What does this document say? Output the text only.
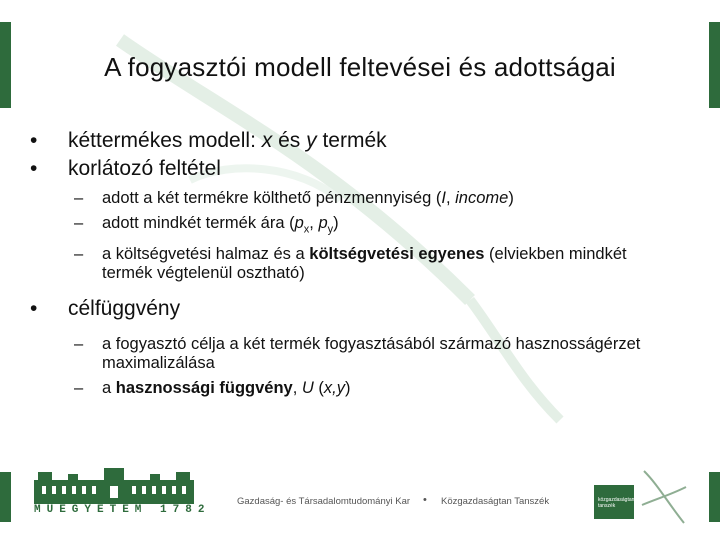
A fogyasztói modell feltevései és adottságai

• kéttermékes modell: x és y termék

• korlátozó feltétel

– adott a két termékre költhető pénzmennyiség (I, income)

– adott mindkét termék ára ($p_x$, $p_y$)

– a költségvetési halmaz és a költségvetési egyenes (elviekben mindkét termék végtelenül osztható)

• célfüggvény

– a fogyasztó célja a két termék fogyasztásából származó hasznosságérzet maximalizálása

– a hasznossági függvény, U (x,y)

MŰEGYETEM 1782
Gazdaság- és Társadalomtudományi Kar • Közgazdaságtan Tanszék	közgazdaságtan tanszék
